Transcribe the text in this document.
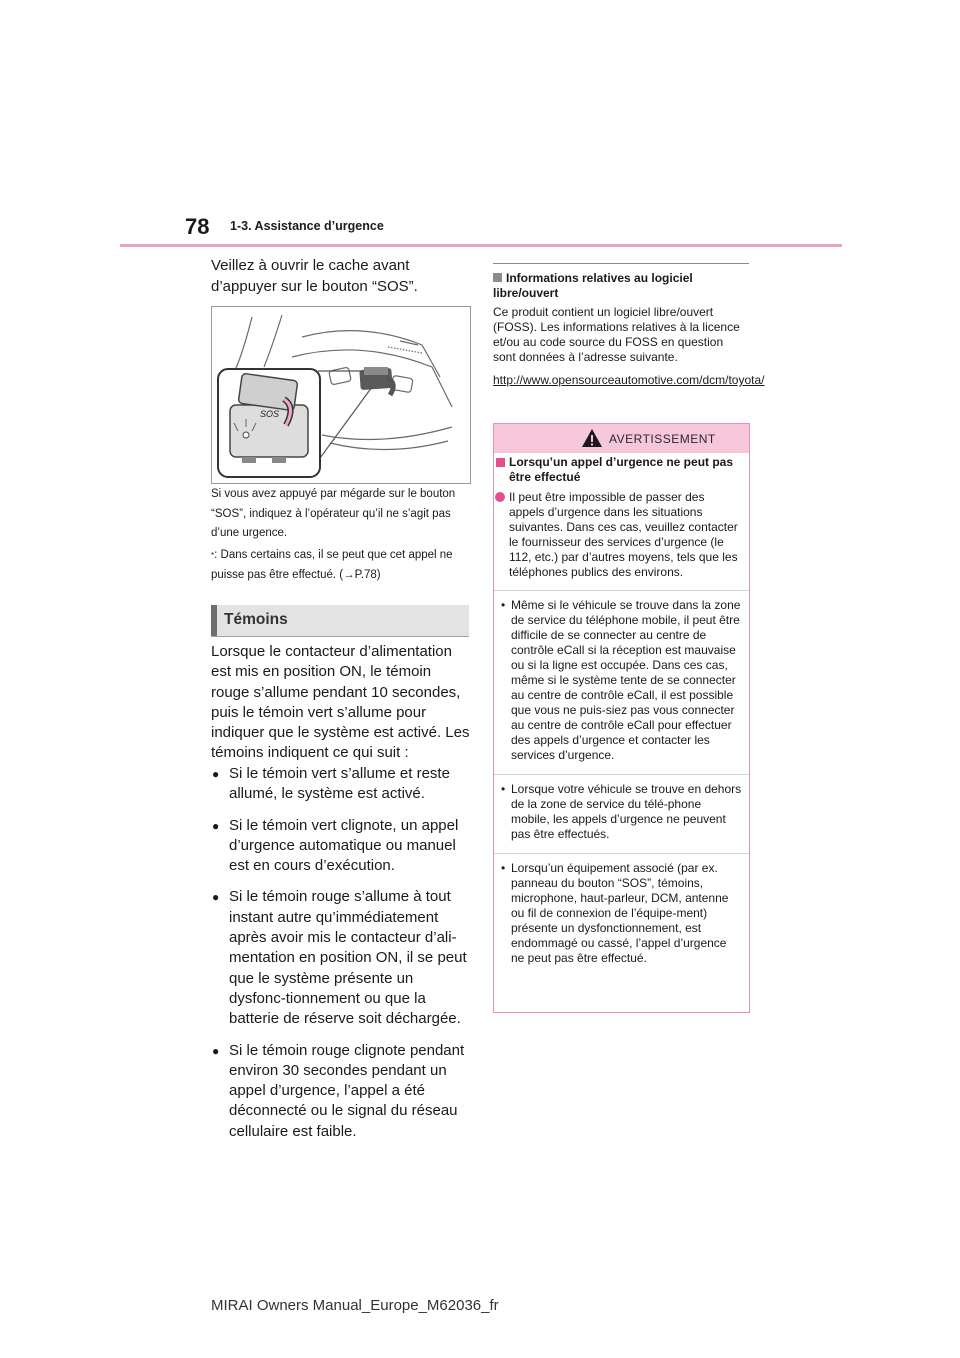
78 1-3. Assistance d’urgence
Veillez à ouvrir le cache avant d’appuyer sur le bouton “SOS”.
SOS
Si vous avez appuyé par mégarde sur le bouton “SOS”, indiquez à l’opérateur qu’il ne s’agit pas d’une urgence.
*: Dans certains cas, il se peut que cet appel ne puisse pas être effectué. (→P.78)
Témoins
Lorsque le contacteur d’alimentation est mis en position ON, le témoin rouge s’allume pendant 10 secondes, puis le témoin vert s’allume pour indiquer que le système est activé. Les témoins indiquent ce qui suit :
● Si le témoin vert s’allume et reste allumé, le système est activé.
● Si le témoin vert clignote, un appel d’urgence automatique ou manuel est en cours d’exécution.
● Si le témoin rouge s’allume à tout instant autre qu’immédiatement après avoir mis le contacteur d’ali-mentation en position ON, il se peut que le système présente un dysfonc-tionnement ou que la batterie de réserve soit déchargée.
● Si le témoin rouge clignote pendant environ 30 secondes pendant un appel d’urgence, l’appel a été déconnecté ou le signal du réseau cellulaire est faible.
Informations relatives au logiciel libre/ouvert
Ce produit contient un logiciel libre/ouvert (FOSS). Les informations relatives à la licence et/ou au code source du FOSS en question sont données à l’adresse suivante.
http://www.opensourceautomotive.com/dcm/toyota/
AVERTISSEMENT
Lorsqu’un appel d’urgence ne peut pas être effectué
Il peut être impossible de passer des appels d’urgence dans les situations suivantes. Dans ces cas, veuillez contacter le fournisseur des services d’urgence (le 112, etc.) par d’autres moyens, tels que les téléphones publics des environs.
• Même si le véhicule se trouve dans la zone de service du téléphone mobile, il peut être difficile de se connecter au centre de contrôle eCall si la réception est mauvaise ou si la ligne est occupée. Dans ces cas, même si le système tente de se connecter au centre de contrôle eCall, il est possible que vous ne puis-siez pas vous connecter au centre de contrôle eCall pour effectuer des appels d’urgence et contacter les services d’urgence.
• Lorsque votre véhicule se trouve en dehors de la zone de service du télé-phone mobile, les appels d’urgence ne peuvent pas être effectués.
• Lorsqu’un équipement associé (par ex. panneau du bouton “SOS”, témoins, microphone, haut-parleur, DCM, antenne ou fil de connexion de l’équipe-ment) présente un dysfonctionnement, est endommagé ou cassé, l’appel d’urgence ne peut pas être effectué.
MIRAI Owners Manual_Europe_M62036_fr
